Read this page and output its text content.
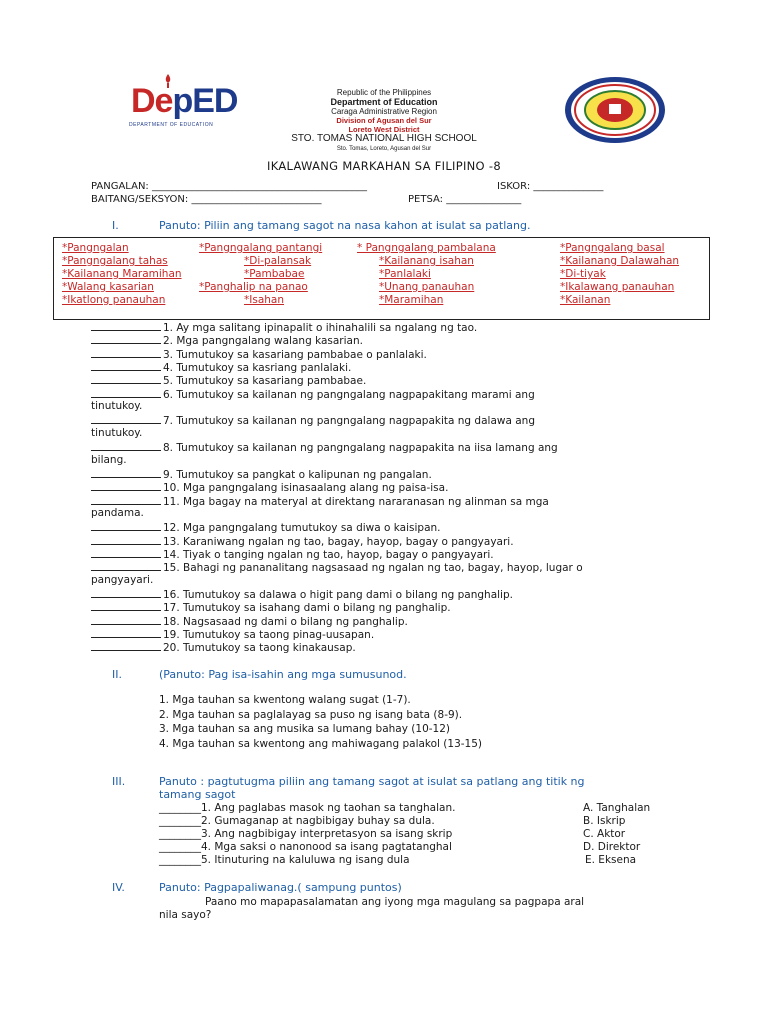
DepED
DEPARTMENT OF EDUCATION
Republic of the Philippines
Department of Education
Caraga Administrative Region
Division of Agusan del Sur
Loreto West District
STO. TOMAS NATIONAL HIGH SCHOOL
Sto. Tomas, Loreto, Agusan del Sur
IKALAWANG MARKAHAN SA FILIPINO -8
PANGALAN: ___________________________________________	ISKOR: ______________
BAITANG/SEKSYON: __________________________	PETSA: _______________
I.	Panuto: Piliin ang tamang sagot na nasa kahon at isulat sa patlang.
*Pangngalan	*Pangngalang pantangi	* Pangngalang pambalana	*Pangngalang basal
*Pangngalang tahas	*Di-palansak	*Kailanang isahan	*Kailanang Dalawahan
*Kailanang Maramihan	*Pambabae	*Panlalaki	*Di-tiyak
*Walang kasarian	*Panghalip na panao	*Unang panauhan	*Ikalawang panauhan
*Ikatlong panauhan	*Isahan	*Maramihan	*Kailanan
1. Ay mga salitang ipinapalit o ihinahalili sa ngalang ng tao.
2. Mga pangngalang walang kasarian.
3. Tumutukoy sa kasariang pambabae o panlalaki.
4. Tumutukoy sa kasriang panlalaki.
5. Tumutukoy sa kasariang pambabae.
6. Tumutukoy sa kailanan ng pangngalang nagpapakitang marami ang
tinutukoy.
7. Tumutukoy sa kailanan ng pangngalang nagpapakita ng dalawa ang
tinutukoy.
8. Tumutukoy sa kailanan ng pangngalang nagpapakita na iisa lamang ang
bilang.
9. Tumutukoy sa pangkat o kalipunan ng pangalan.
10. Mga pangngalang isinasaalang alang ng paisa-isa.
11. Mga bagay na materyal at direktang nararanasan ng alinman sa mga
pandama.
12. Mga pangngalang tumutukoy sa diwa o kaisipan.
13. Karaniwang ngalan ng tao, bagay, hayop, bagay o pangyayari.
14. Tiyak o tanging ngalan ng tao, hayop, bagay o pangyayari.
15. Bahagi ng pananalitang nagsasaad ng ngalan ng tao, bagay, hayop, lugar o
pangyayari.
16. Tumutukoy sa dalawa o higit pang dami o bilang ng panghalip.
17. Tumutukoy sa isahang dami o bilang ng panghalip.
18. Nagsasaad ng dami o bilang ng panghalip.
19. Tumutukoy sa taong pinag-uusapan.
20. Tumutukoy sa taong kinakausap.
II.	(Panuto: Pag isa-isahin ang mga sumusunod.
1. Mga tauhan sa kwentong walang sugat (1-7).
2. Mga tauhan sa paglalayag sa puso ng isang bata (8-9).
3. Mga tauhan sa ang musika sa lumang bahay (10-12)
4. Mga tauhan sa kwentong ang mahiwagang palakol (13-15)
III.	Panuto : pagtutugma piliin ang tamang sagot at isulat sa patlang ang titik ng
tamang sagot
________1. Ang paglabas masok ng taohan sa tanghalan.	A. Tanghalan
________2. Gumaganap at nagbibigay buhay sa dula.	B. Iskrip
________3. Ang nagbibigay interpretasyon sa isang skrip	C. Aktor
________4. Mga saksi o nanonood sa isang pagtatanghal	D. Direktor
________5. Itinuturing na kaluluwa ng isang dula	E. Eksena
IV.	Panuto: Pagpapaliwanag.( sampung puntos)
Paano mo mapapasalamatan ang iyong mga magulang sa pagpapa aral
nila sayo?
